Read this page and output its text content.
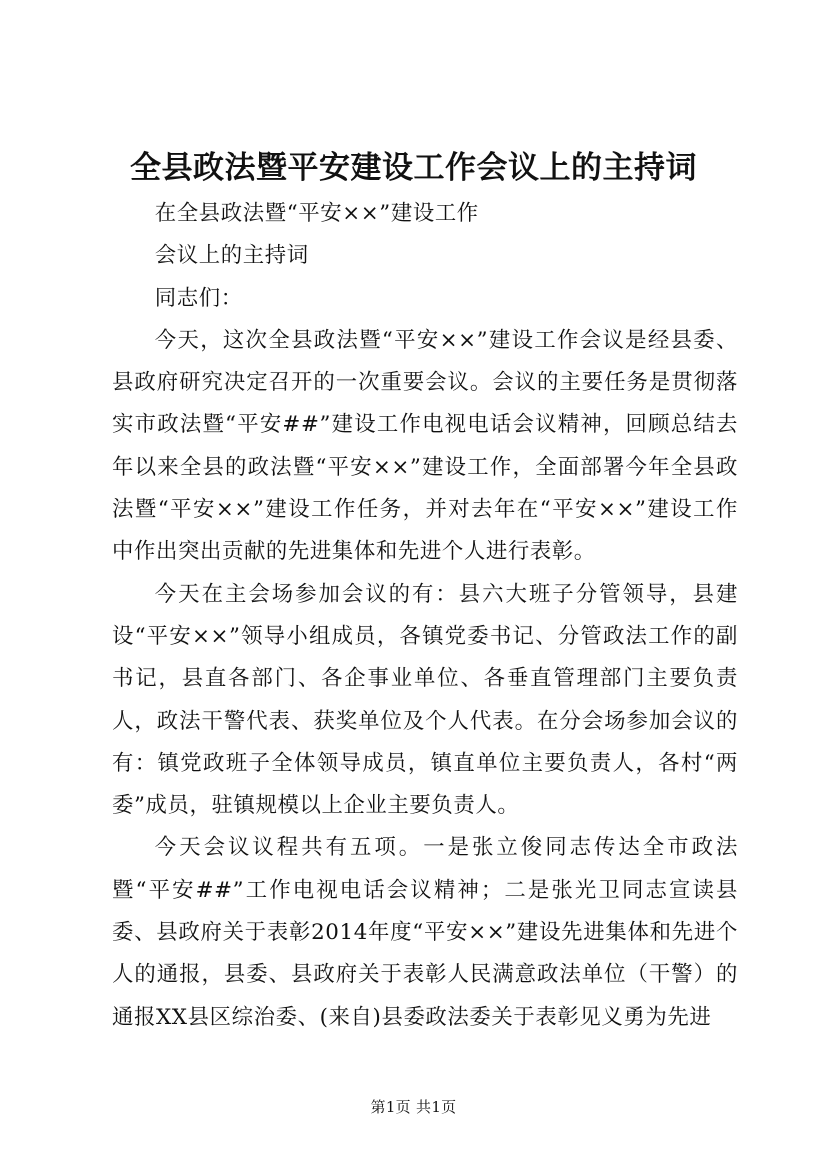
全县政法暨平安建设工作会议上的主持词

在全县政法暨“平安××”建设工作

会议上的主持词

同志们：

今天，这次全县政法暨“平安××”建设工作会议是经县委、县政府研究决定召开的一次重要会议。会议的主要任务是贯彻落实市政法暨“平安##”建设工作电视电话会议精神，回顾总结去年以来全县的政法暨“平安××”建设工作，全面部署今年全县政法暨“平安××”建设工作任务，并对去年在“平安××”建设工作中作出突出贡献的先进集体和先进个人进行表彰。

今天在主会场参加会议的有：县六大班子分管领导，县建设“平安××”领导小组成员，各镇党委书记、分管政法工作的副书记，县直各部门、各企事业单位、各垂直管理部门主要负责人，政法干警代表、获奖单位及个人代表。在分会场参加会议的有：镇党政班子全体领导成员，镇直单位主要负责人，各村“两委”成员，驻镇规模以上企业主要负责人。

今天会议议程共有五项。一是张立俊同志传达全市政法暨“平安##”工作电视电话会议精神；二是张光卫同志宣读县委、县政府关于表彰2014年度“平安××”建设先进集体和先进个人的通报，县委、县政府关于表彰人民满意政法单位（干警）的通报XX县区综治委、(来自)县委政法委关于表彰见义勇为先进

第1页 共1页
